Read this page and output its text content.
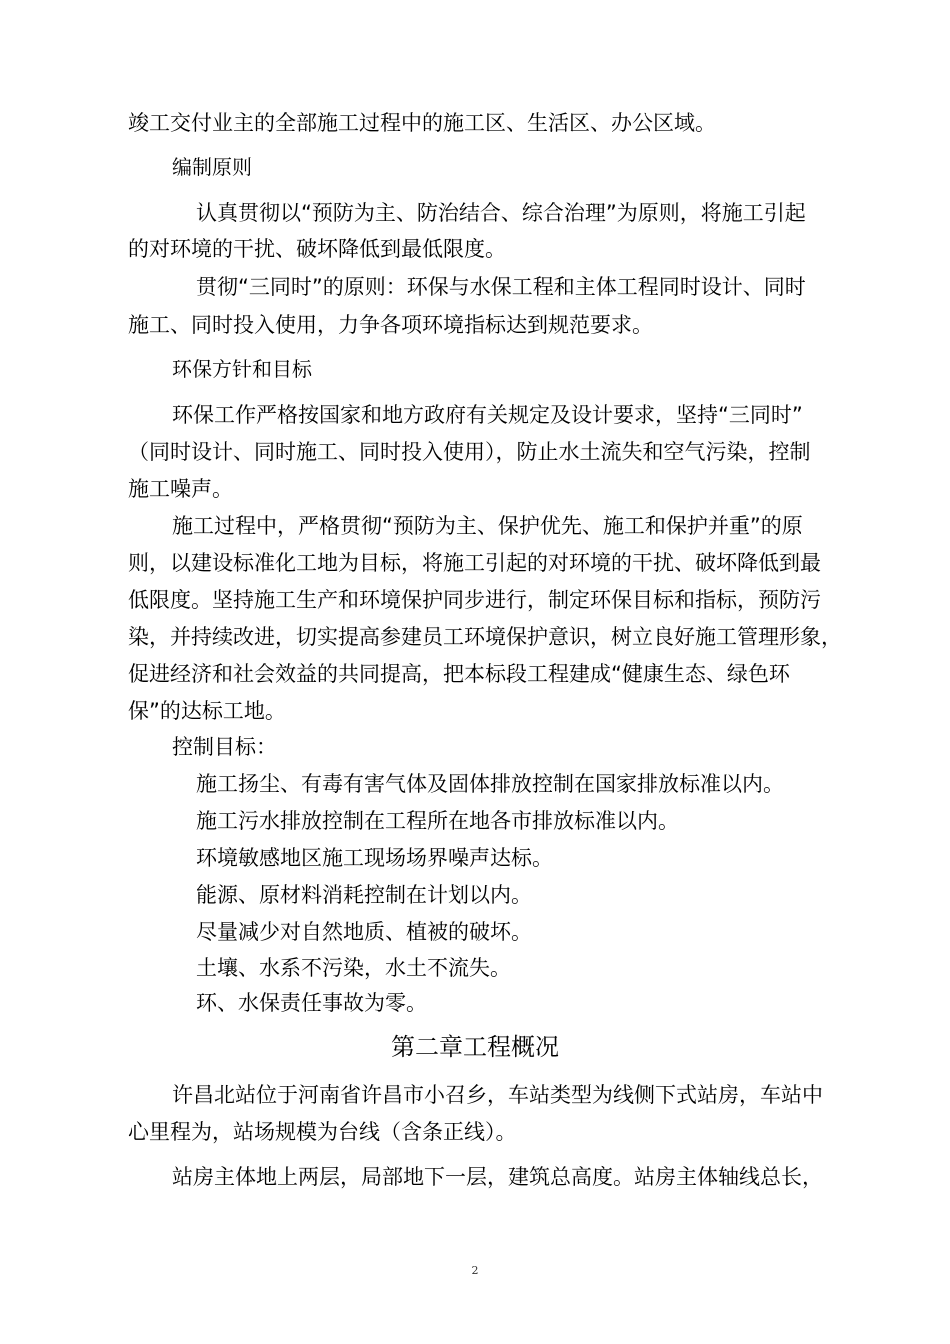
竣工交付业主的全部施工过程中的施工区、生活区、办公区域。
编制原则
认真贯彻以“预防为主、防治结合、综合治理”为原则，将施工引起
的对环境的干扰、破坏降低到最低限度。
贯彻“三同时”的原则：环保与水保工程和主体工程同时设计、同时
施工、同时投入使用，力争各项环境指标达到规范要求。
环保方针和目标
环保工作严格按国家和地方政府有关规定及设计要求，坚持“三同时”
（同时设计、同时施工、同时投入使用），防止水土流失和空气污染，控制
施工噪声。
施工过程中，严格贯彻“预防为主、保护优先、施工和保护并重”的原
则，以建设标准化工地为目标，将施工引起的对环境的干扰、破坏降低到最
低限度。坚持施工生产和环境保护同步进行，制定环保目标和指标，预防污
染，并持续改进，切实提高参建员工环境保护意识，树立良好施工管理形象，
促进经济和社会效益的共同提高，把本标段工程建成“健康生态、绿色环
保”的达标工地。
控制目标：
施工扬尘、有毒有害气体及固体排放控制在国家排放标准以内。
施工污水排放控制在工程所在地各市排放标准以内。
环境敏感地区施工现场场界噪声达标。
能源、原材料消耗控制在计划以内。
尽量减少对自然地质、植被的破坏。
土壤、水系不污染，水土不流失。
环、水保责任事故为零。
第二章工程概况
许昌北站位于河南省许昌市小召乡，车站类型为线侧下式站房，车站中
心里程为，站场规模为台线（含条正线）。
站房主体地上两层，局部地下一层，建筑总高度。站房主体轴线总长，
2
